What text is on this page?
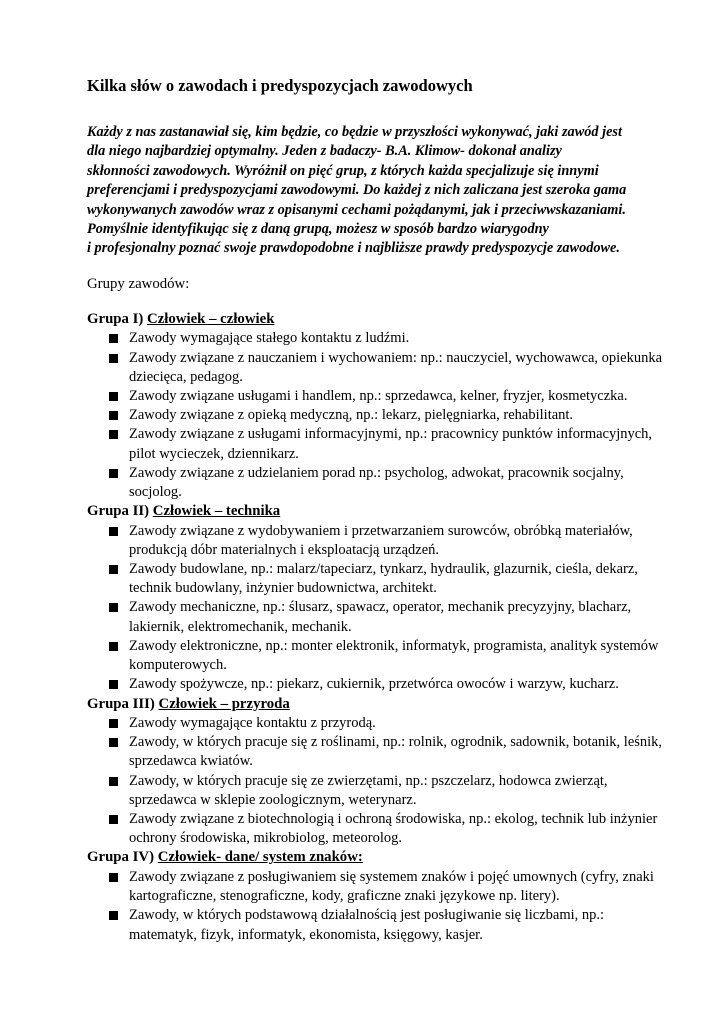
Kilka słów o zawodach i predyspozycjach zawodowych
Każdy z nas zastanawiał się, kim będzie, co będzie w przyszłości wykonywać, jaki zawód jest
dla niego najbardziej optymalny. Jeden z badaczy- B.A. Klimow- dokonał analizy
skłonności zawodowych. Wyróżnił on pięć grup, z których każda specjalizuje się innymi
preferencjami i predyspozycjami zawodowymi. Do każdej z nich zaliczana jest szeroka gama
wykonywanych zawodów wraz z opisanymi cechami pożądanymi, jak i przeciwwskazaniami.
Pomyślnie identyfikując się z daną grupą, możesz w sposób bardzo wiarygodny
i profesjonalny poznać swoje prawdopodobne i najbliższe prawdy predyspozycje zawodowe.

Grupy zawodów:

Grupa I) Człowiek – człowiek

Zawody wymagające stałego kontaktu z ludźmi.
Zawody związane z nauczaniem i wychowaniem: np.: nauczyciel, wychowawca, opiekunka dziecięca, pedagog.
Zawody związane usługami i handlem, np.: sprzedawca, kelner, fryzjer, kosmetyczka.
Zawody związane z opieką medyczną, np.: lekarz, pielęgniarka, rehabilitant.
Zawody związane z usługami informacyjnymi, np.: pracownicy punktów informacyjnych, pilot wycieczek, dziennikarz.
Zawody związane z udzielaniem porad np.: psycholog, adwokat, pracownik socjalny, socjolog.

Grupa II) Człowiek – technika

Zawody związane z wydobywaniem i przetwarzaniem surowców, obróbką materiałów, produkcją dóbr materialnych i eksploatacją urządzeń.
Zawody budowlane, np.: malarz/tapeciarz, tynkarz, hydraulik, glazurnik, cieśla, dekarz, technik budowlany, inżynier budownictwa, architekt.
Zawody mechaniczne, np.: ślusarz, spawacz, operator, mechanik precyzyjny, blacharz, lakiernik, elektromechanik, mechanik.
Zawody elektroniczne, np.: monter elektronik, informatyk, programista, analityk systemów komputerowych.
Zawody spożywcze, np.: piekarz, cukiernik, przetwórca owoców i warzyw, kucharz.

Grupa III) Człowiek – przyroda

Zawody wymagające kontaktu z przyrodą.
Zawody, w których pracuje się z roślinami, np.: rolnik, ogrodnik, sadownik, botanik, leśnik, sprzedawca kwiatów.
Zawody, w których pracuje się ze zwierzętami, np.: pszczelarz, hodowca zwierząt, sprzedawca w sklepie zoologicznym, weterynarz.
Zawody związane z biotechnologią i ochroną środowiska, np.: ekolog, technik lub inżynier ochrony środowiska, mikrobiolog, meteorolog.

Grupa IV) Człowiek- dane/ system znaków:

Zawody związane z posługiwaniem się systemem znaków i pojęć umownych (cyfry, znaki kartograficzne, stenograficzne, kody, graficzne znaki językowe np. litery).
Zawody, w których podstawową działalnością jest posługiwanie się liczbami, np.: matematyk, fizyk, informatyk, ekonomista, księgowy, kasjer.
